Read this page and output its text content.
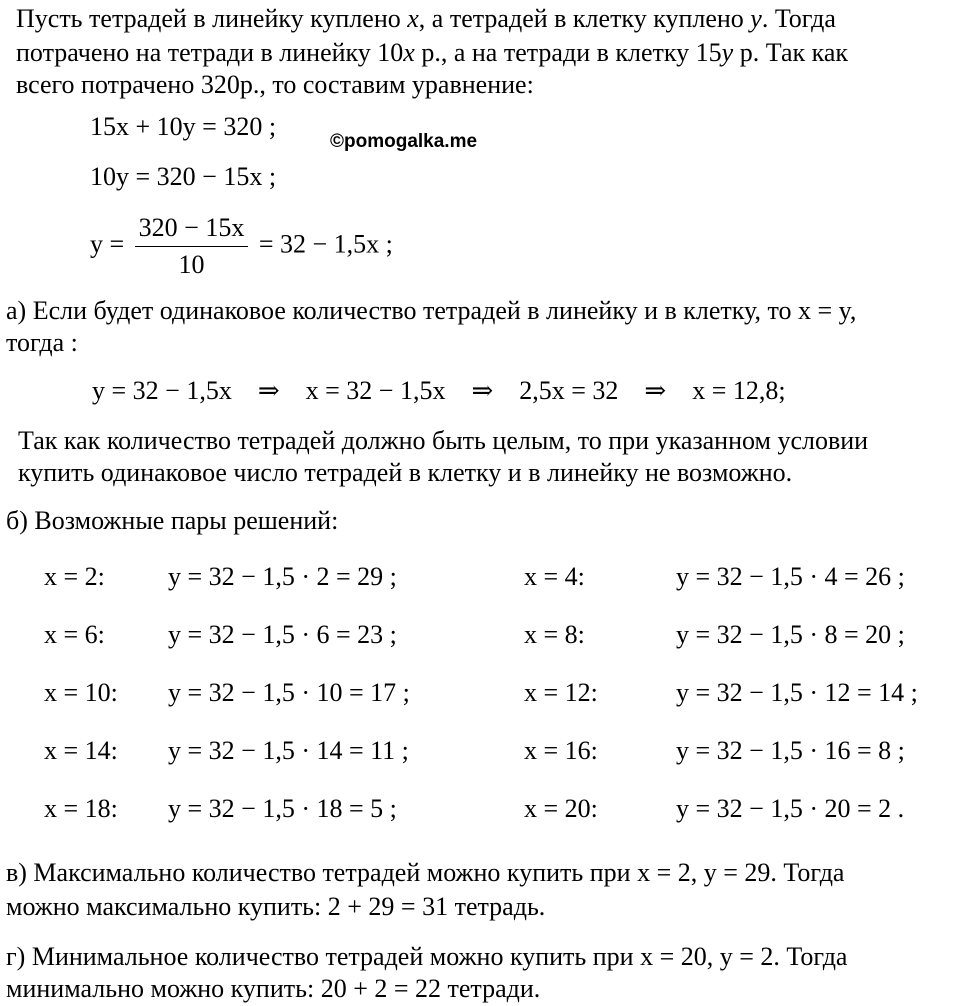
Пусть тетрадей в линейку куплено x, а тетрадей в клетку куплено y. Тогда
потрачено на тетради в линейку 10x р., а на тетради в клетку 15y р. Так как
всего потрачено 320р., то составим уравнение:
15x + 10y = 320 ;
©pomogalka.me
10y = 320 − 15x ;
$y = \frac{320 - 15x}{10} = 32 - 1,5x$ ;
а) Если будет одинаковое количество тетрадей в линейку и в клетку, то x = y,
тогда :
y = 32 − 1,5x ⇒ x = 32 − 1,5x ⇒ 2,5x = 32 ⇒ x = 12,8;
Так как количество тетрадей должно быть целым, то при указанном условии
купить одинаковое число тетрадей в клетку и в линейку не возможно.
б) Возможные пары решений:
x = 2: y = 32 − 1,5 · 2 = 29 ;	x = 4:	y = 32 − 1,5 · 4 = 26 ;
x = 6: y = 32 − 1,5 · 6 = 23 ;	x = 8:	y = 32 − 1,5 · 8 = 20 ;
x = 10: y = 32 − 1,5 · 10 = 17 ;	x = 12:	y = 32 − 1,5 · 12 = 14 ;
x = 14: y = 32 − 1,5 · 14 = 11 ;	x = 16:	y = 32 − 1,5 · 16 = 8 ;
x = 18: y = 32 − 1,5 · 18 = 5 ;	x = 20:	y = 32 − 1,5 · 20 = 2 .
в) Максимально количество тетрадей можно купить при x = 2, y = 29. Тогда
можно максимально купить: 2 + 29 = 31 тетрадь.
г) Минимальное количество тетрадей можно купить при x = 20, y = 2. Тогда
минимально можно купить: 20 + 2 = 22 тетради.
